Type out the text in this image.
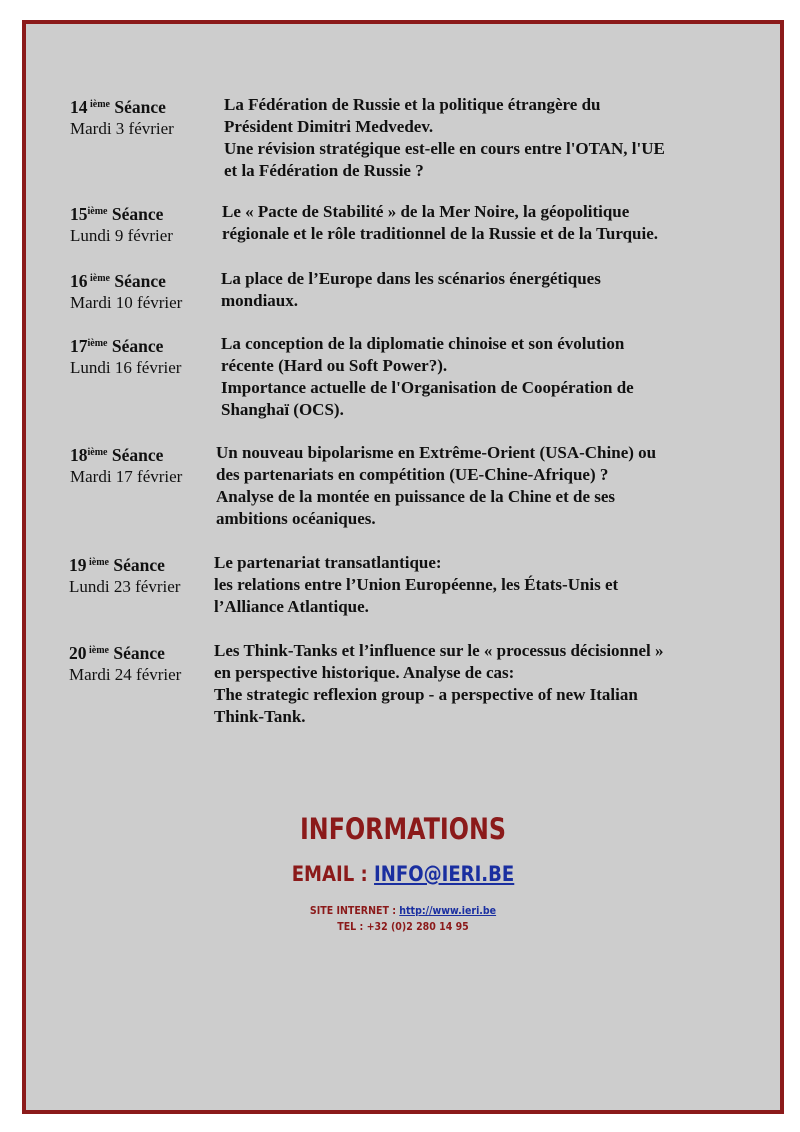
14 $^{ième}$ Séance
Mardi 3 février
La Fédération de Russie et la politique étrangère du
Président Dimitri Medvedev.
Une révision stratégique est-elle en cours entre l'OTAN, l'UE
et la Fédération de Russie ?
15ième Séance
Lundi 9 février
Le « Pacte de Stabilité » de la Mer Noire, la géopolitique
régionale et le rôle traditionnel de la Russie et de la Turquie.
16 $^{ième}$ Séance
Mardi 10 février
La place de l’Europe dans les scénarios énergétiques
mondiaux.
17ième Séance
Lundi 16 février
La conception de la diplomatie chinoise et son évolution
récente (Hard ou Soft Power?).
Importance actuelle de l'Organisation de Coopération de
Shanghaï (OCS).
18ième Séance
Mardi 17 février
Un nouveau bipolarisme en Extrême-Orient (USA-Chine) ou
des partenariats en compétition (UE-Chine-Afrique) ?
Analyse de la montée en puissance de la Chine et de ses
ambitions océaniques.
19 $^{ième}$ Séance
Lundi 23 février
Le partenariat transatlantique:
les relations entre l’Union Européenne, les États-Unis et
l’Alliance Atlantique.
20 $^{ième}$ Séance
Mardi 24 février
Les Think-Tanks et l’influence sur le « processus décisionnel »
en perspective historique. Analyse de cas:
The strategic reflexion group - a perspective of new Italian
Think-Tank.
INFORMATIONS
EMAIL : INFO@IERI.BE
SITE INTERNET : http://www.ieri.be
TEL : +32 (0)2 280 14 95
